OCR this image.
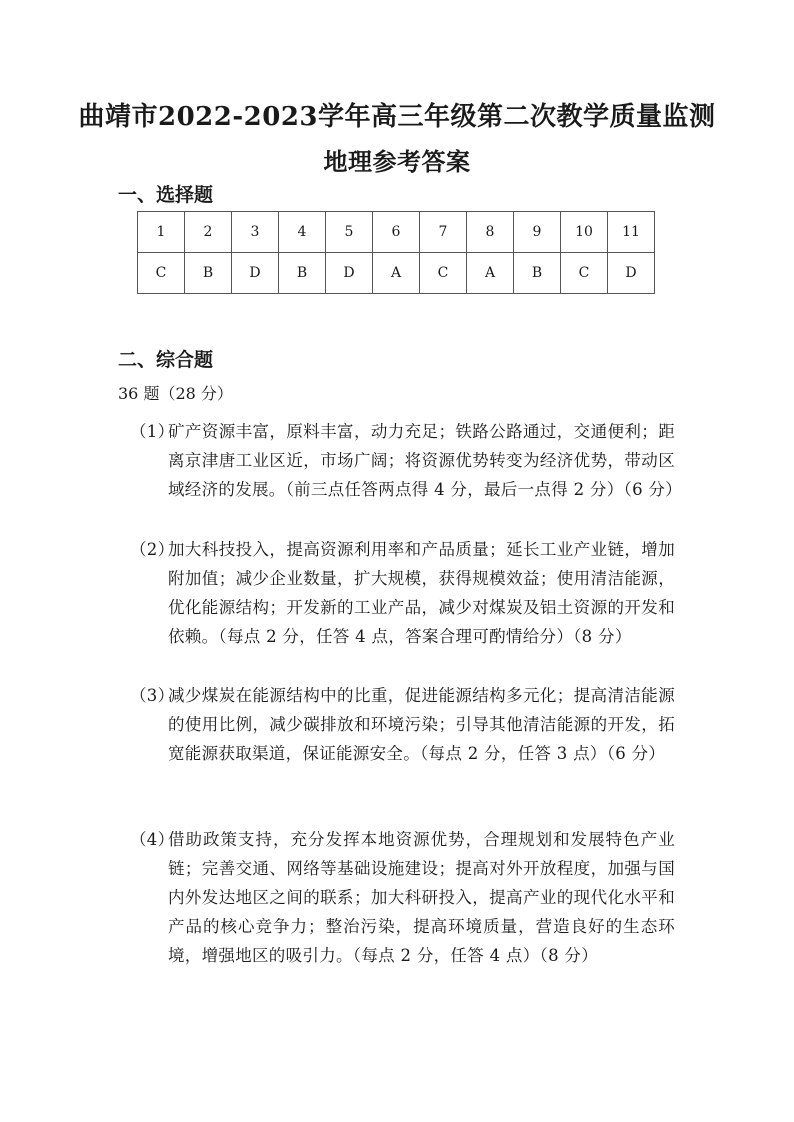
曲靖市2022-2023学年高三年级第二次教学质量监测
地理参考答案
一、选择题
1	2	3	4	5	6	7	8	9	10	11
C	B	D	B	D	A	C	A	B	C	D
二、综合题
36 题（28 分）
（1）
矿产资源丰富，原料丰富，动力充足；铁路公路通过，交通便利；距离京津唐工业区近，市场广阔；将资源优势转变为经济优势，带动区域经济的发展。（前三点任答两点得 4 分，最后一点得 2 分）（6 分）
（2）
加大科技投入，提高资源利用率和产品质量；延长工业产业链，增加附加值；减少企业数量，扩大规模，获得规模效益；使用清洁能源，优化能源结构；开发新的工业产品，减少对煤炭及铝土资源的开发和依赖。（每点 2 分，任答 4 点，答案合理可酌情给分）（8 分）
（3）
减少煤炭在能源结构中的比重，促进能源结构多元化；提高清洁能源的使用比例，减少碳排放和环境污染；引导其他清洁能源的开发，拓宽能源获取渠道，保证能源安全。（每点 2 分，任答 3 点）（6 分）
（4）
借助政策支持，充分发挥本地资源优势，合理规划和发展特色产业链；完善交通、网络等基础设施建设；提高对外开放程度，加强与国内外发达地区之间的联系；加大科研投入，提高产业的现代化水平和产品的核心竞争力；整治污染，提高环境质量，营造良好的生态环境，增强地区的吸引力。（每点 2 分，任答 4 点）（8 分）
